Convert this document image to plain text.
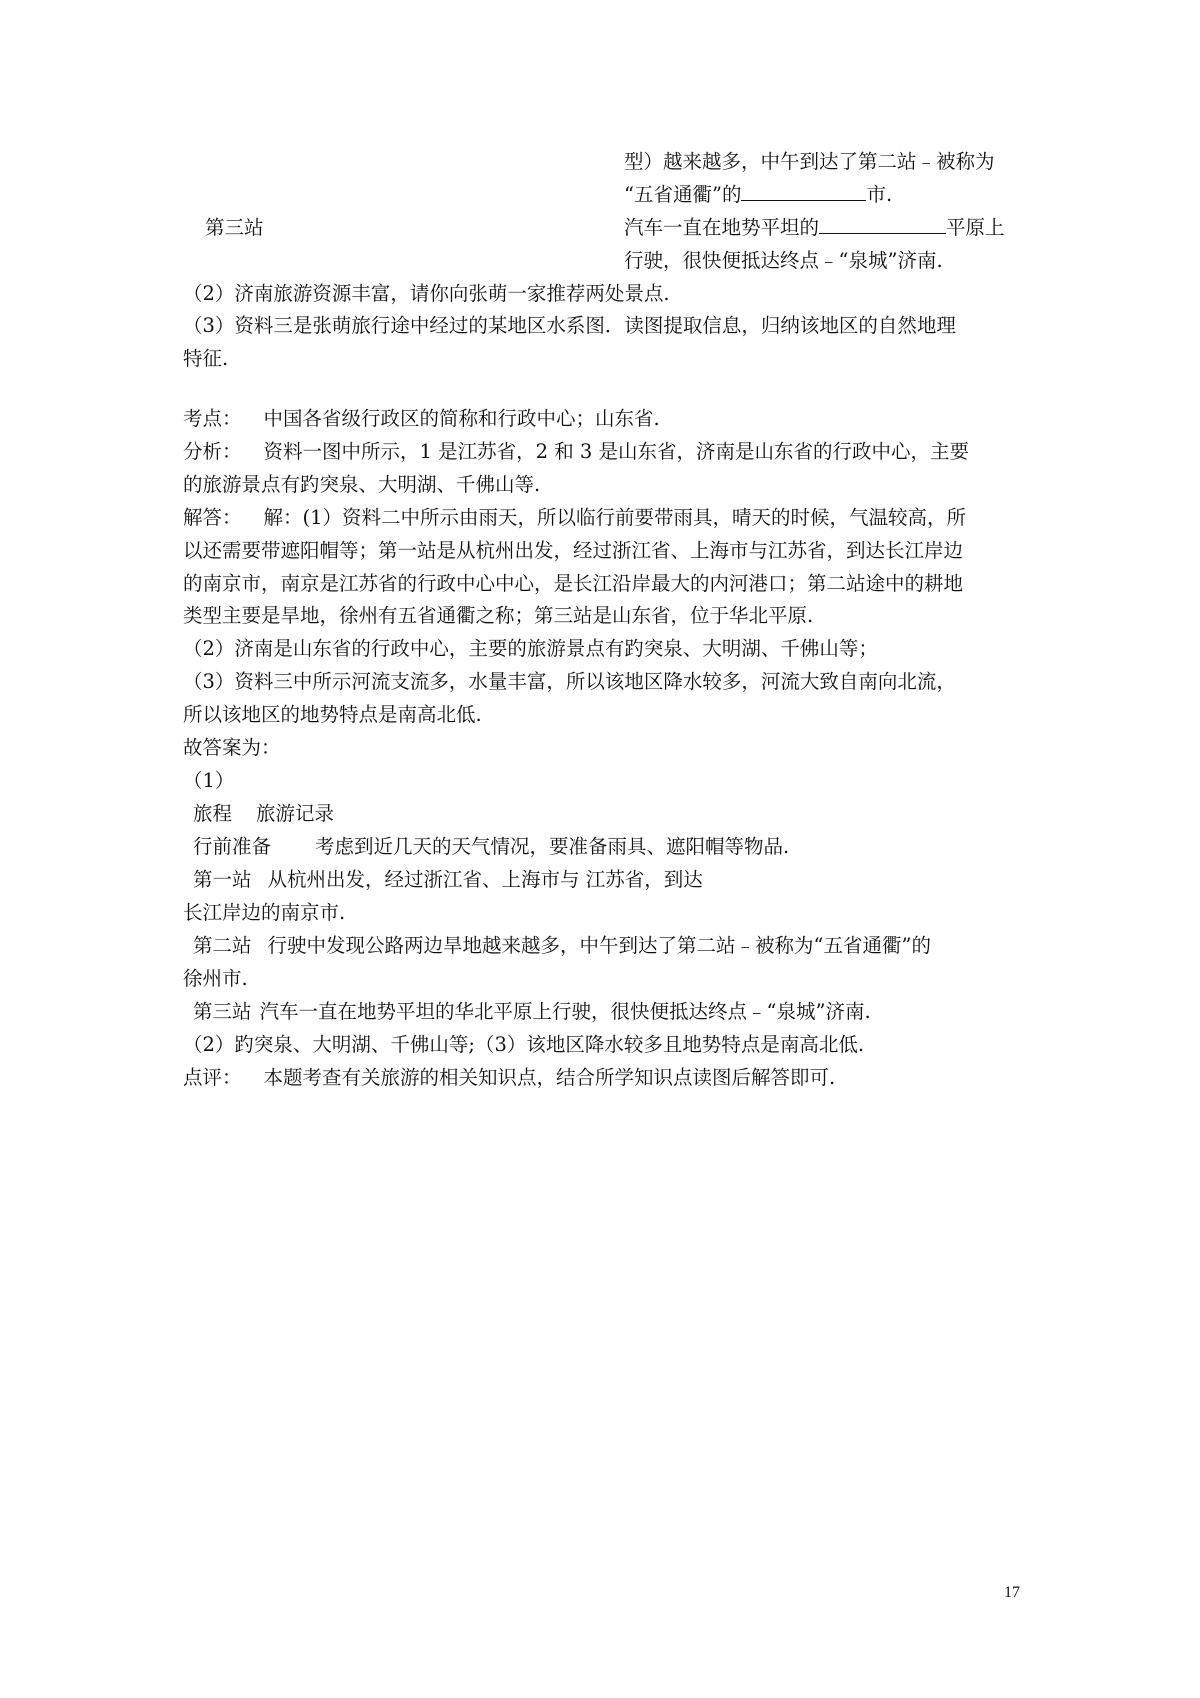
型）越来越多，中午到达了第二站﹣被称为
“五省通衢”的	市.
第三站	汽车一直在地势平坦的	平原上
行驶，很快便抵达终点﹣“泉城”济南.
（2）济南旅游资源丰富，请你向张萌一家推荐两处景点.
（3）资料三是张萌旅行途中经过的某地区水系图．读图提取信息，归纳该地区的自然地理
特征.
考点： 中国各省级行政区的简称和行政中心；山东省.
分析： 资料一图中所示，1 是江苏省，2 和 3 是山东省，济南是山东省的行政中心，主要
的旅游景点有趵突泉、大明湖、千佛山等.
解答： 解：(1）资料二中所示由雨天，所以临行前要带雨具，晴天的时候，气温较高，所
以还需要带遮阳帽等；第一站是从杭州出发，经过浙江省、上海市与江苏省，到达长江岸边
的南京市，南京是江苏省的行政中心中心，是长江沿岸最大的内河港口；第二站途中的耕地
类型主要是旱地，徐州有五省通衢之称；第三站是山东省，位于华北平原.
（2）济南是山东省的行政中心，主要的旅游景点有趵突泉、大明湖、千佛山等；
（3）资料三中所示河流支流多，水量丰富，所以该地区降水较多，河流大致自南向北流，
所以该地区的地势特点是南高北低.
故答案为：
（1）
旅程 旅游记录
行前准备 考虑到近几天的天气情况，要准备雨具、遮阳帽等物品.
第一站 从杭州出发，经过浙江省、上海市与 江苏省，到达
长江岸边的南京市.
第二站 行驶中发现公路两边旱地越来越多，中午到达了第二站﹣被称为“五省通衢”的
徐州市.
第三站 汽车一直在地势平坦的华北平原上行驶，很快便抵达终点﹣“泉城”济南.
（2）趵突泉、大明湖、千佛山等;（3）该地区降水较多且地势特点是南高北低.
点评： 本题考查有关旅游的相关知识点，结合所学知识点读图后解答即可.
17
